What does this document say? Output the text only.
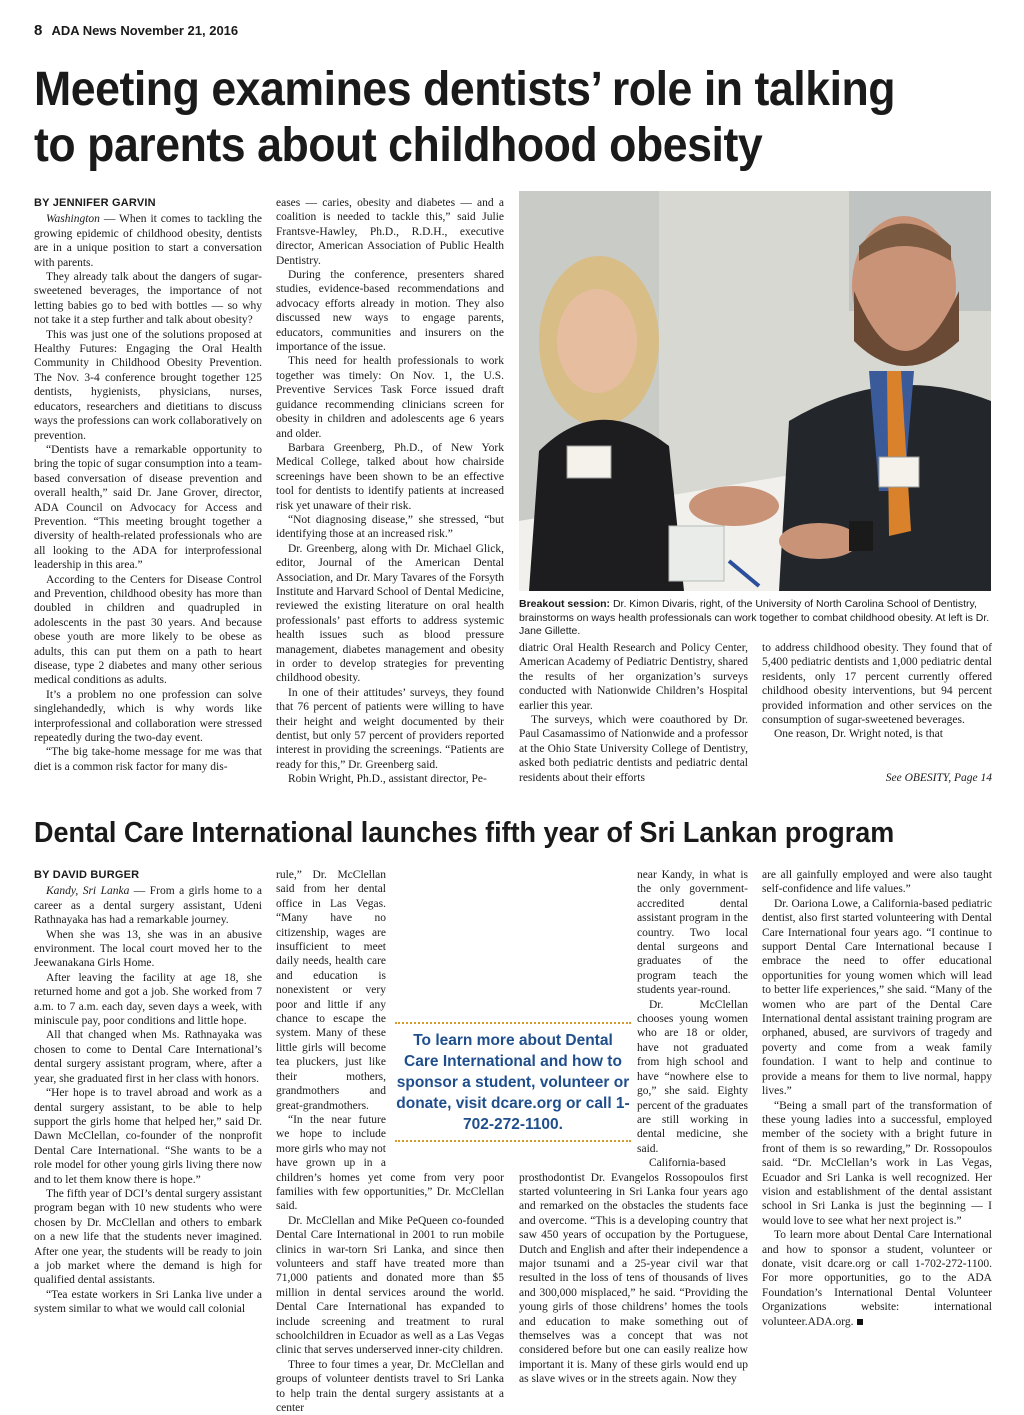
8 ADA News November 21, 2016
Meeting examines dentists’ role in talking to parents about childhood obesity
BY JENNIFER GARVIN

Washington — When it comes to tackling the growing epidemic of childhood obesity, dentists are in a unique position to start a conversation with parents.

They already talk about the dangers of sugar-sweetened beverages, the importance of not letting babies go to bed with bottles — so why not take it a step further and talk about obesity?

This was just one of the solutions proposed at Healthy Futures: Engaging the Oral Health Community in Childhood Obesity Prevention. The Nov. 3-4 conference brought together 125 dentists, hygienists, physicians, nurses, educators, researchers and dietitians to discuss ways the professions can work collaboratively on prevention.

“Dentists have a remarkable opportunity to bring the topic of sugar consumption into a team-based conversation of disease prevention and overall health,” said Dr. Jane Grover, director, ADA Council on Advocacy for Access and Prevention. “This meeting brought together a diversity of health-related professionals who are all looking to the ADA for interprofessional leadership in this area.”

According to the Centers for Disease Control and Prevention, childhood obesity has more than doubled in children and quadrupled in adolescents in the past 30 years. And because obese youth are more likely to be obese as adults, this can put them on a path to heart disease, type 2 diabetes and many other serious medical conditions as adults.

It’s a problem no one profession can solve singlehandedly, which is why words like interprofessional and collaboration were stressed repeatedly during the two-day event.

“The big take-home message for me was that diet is a common risk factor for many dis-

eases — caries, obesity and diabetes — and a coalition is needed to tackle this,” said Julie Frantsve-Hawley, Ph.D., R.D.H., executive director, American Association of Public Health Dentistry.

During the conference, presenters shared studies, evidence-based recommendations and advocacy efforts already in motion. They also discussed new ways to engage parents, educators, communities and insurers on the importance of the issue.

This need for health professionals to work together was timely: On Nov. 1, the U.S. Preventive Services Task Force issued draft guidance recommending clinicians screen for obesity in children and adolescents age 6 years and older.

Barbara Greenberg, Ph.D., of New York Medical College, talked about how chairside screenings have been shown to be an effective tool for dentists to identify patients at increased risk yet unaware of their risk.

“Not diagnosing disease,” she stressed, “but identifying those at an increased risk.”

Dr. Greenberg, along with Dr. Michael Glick, editor, Journal of the American Dental Association, and Dr. Mary Tavares of the Forsyth Institute and Harvard School of Dental Medicine, reviewed the existing literature on oral health professionals’ past efforts to address systemic health issues such as blood pressure management, diabetes management and obesity in order to develop strategies for preventing childhood obesity.

In one of their attitudes’ surveys, they found that 76 percent of patients were willing to have their height and weight documented by their dentist, but only 57 percent of providers reported interest in providing the screenings. “Patients are ready for this,” Dr. Greenberg said.

Robin Wright, Ph.D., assistant director, Pe-

Breakout session: Dr. Kimon Divaris, right, of the University of North Carolina School of Dentistry, brainstorms on ways health professionals can work together to combat childhood obesity. At left is Dr. Jane Gillette.

diatric Oral Health Research and Policy Center, American Academy of Pediatric Dentistry, shared the results of her organization’s surveys conducted with Nationwide Children’s Hospital earlier this year.

The surveys, which were coauthored by Dr. Paul Casamassimo of Nationwide and a professor at the Ohio State University College of Dentistry, asked both pediatric dentists and pediatric dental residents about their efforts

to address childhood obesity. They found that of 5,400 pediatric dentists and 1,000 pediatric dental residents, only 17 percent currently offered childhood obesity interventions, but 94 percent provided information and other services on the consumption of sugar-sweetened beverages.

One reason, Dr. Wright noted, is that

See OBESITY, Page 14
Dental Care International launches fifth year of Sri Lankan program
BY DAVID BURGER

Kandy, Sri Lanka — From a girls home to a career as a dental surgery assistant, Udeni Rathnayaka has had a remarkable journey.

When she was 13, she was in an abusive environment. The local court moved her to the Jeewanakana Girls Home.

After leaving the facility at age 18, she returned home and got a job. She worked from 7 a.m. to 7 a.m. each day, seven days a week, with miniscule pay, poor conditions and little hope.

All that changed when Ms. Rathnayaka was chosen to come to Dental Care International’s dental surgery assistant program, where, after a year, she graduated first in her class with honors.

“Her hope is to travel abroad and work as a dental surgery assistant, to be able to help support the girls home that helped her,” said Dr. Dawn McClellan, co-founder of the nonprofit Dental Care International. “She wants to be a role model for other young girls living there now and to let them know there is hope.”

The fifth year of DCI’s dental surgery assistant program began with 10 new students who were chosen by Dr. McClellan and others to embark on a new life that the students never imagined. After one year, the students will be ready to join a job market where the demand is high for qualified dental assistants.

“Tea estate workers in Sri Lanka live under a system similar to what we would call colonial

rule,” Dr. McClellan said from her dental office in Las Vegas. “Many have no citizenship, wages are insufficient to meet daily needs, health care and education is nonexistent or very poor and little if any chance to escape the system. Many of these little girls will become tea pluckers, just like their mothers, grandmothers and great-grandmothers.

“In the near future we hope to include more girls who may not have grown up in a children’s homes yet come from very poor families with few opportunities,” Dr. McClellan said.

Dr. McClellan and Mike PeQueen co-founded Dental Care International in 2001 to run mobile clinics in war-torn Sri Lanka, and since then volunteers and staff have treated more than 71,000 patients and donated more than $5 million in dental services around the world. Dental Care International has expanded to include screening and treatment to rural schoolchildren in Ecuador as well as a Las Vegas clinic that serves underserved inner-city children.

Three to four times a year, Dr. McClellan and groups of volunteer dentists travel to Sri Lanka to help train the dental surgery assistants at a center

near Kandy, in what is the only government-accredited dental assistant program in the country. Two local dental surgeons and graduates of the program teach the students year-round.

Dr. McClellan chooses young women who are 18 or older, have not graduated from high school and have “nowhere else to go,” she said. Eighty percent of the graduates are still working in dental medicine, she said.

California-based prosthodontist Dr. Evangelos Rossopoulos first started volunteering in Sri Lanka four years ago and remarked on the obstacles the students face and overcome. “This is a developing country that saw 450 years of occupation by the Portuguese, Dutch and English and after their independence a major tsunami and a 25-year civil war that resulted in the loss of tens of thousands of lives and 300,000 misplaced,” he said. “Providing the young girls of those childrens’ homes the tools and education to make something out of themselves was a concept that was not considered before but one can easily realize how important it is. Many of these girls would end up as slave wives or in the streets again. Now they

are all gainfully employed and were also taught self-confidence and life values.”

Dr. Oariona Lowe, a California-based pediatric dentist, also first started volunteering with Dental Care International four years ago. “I continue to support Dental Care International because I embrace the need to offer educational opportunities for young women which will lead to better life experiences,” she said. “Many of the women who are part of the Dental Care International dental assistant training program are orphaned, abused, are survivors of tragedy and poverty and come from a weak family foundation. I want to help and continue to provide a means for them to live normal, happy lives.”

“Being a small part of the transformation of these young ladies into a successful, employed member of the society with a bright future in front of them is so rewarding,” Dr. Rossopoulos said. “Dr. McClellan’s work in Las Vegas, Ecuador and Sri Lanka is well recognized. Her vision and establishment of the dental assistant school in Sri Lanka is just the beginning — I would love to see what her next project is.”

To learn more about Dental Care International and how to sponsor a student, volunteer or donate, visit dcare.org or call 1-702-272-1100. For more opportunities, go to the ADA Foundation’s International Dental Volunteer Organizations website: international volunteer.ADA.org.

To learn more about Dental Care International and how to sponsor a student, volunteer or donate, visit dcare.org or call 1-702-272-1100.
